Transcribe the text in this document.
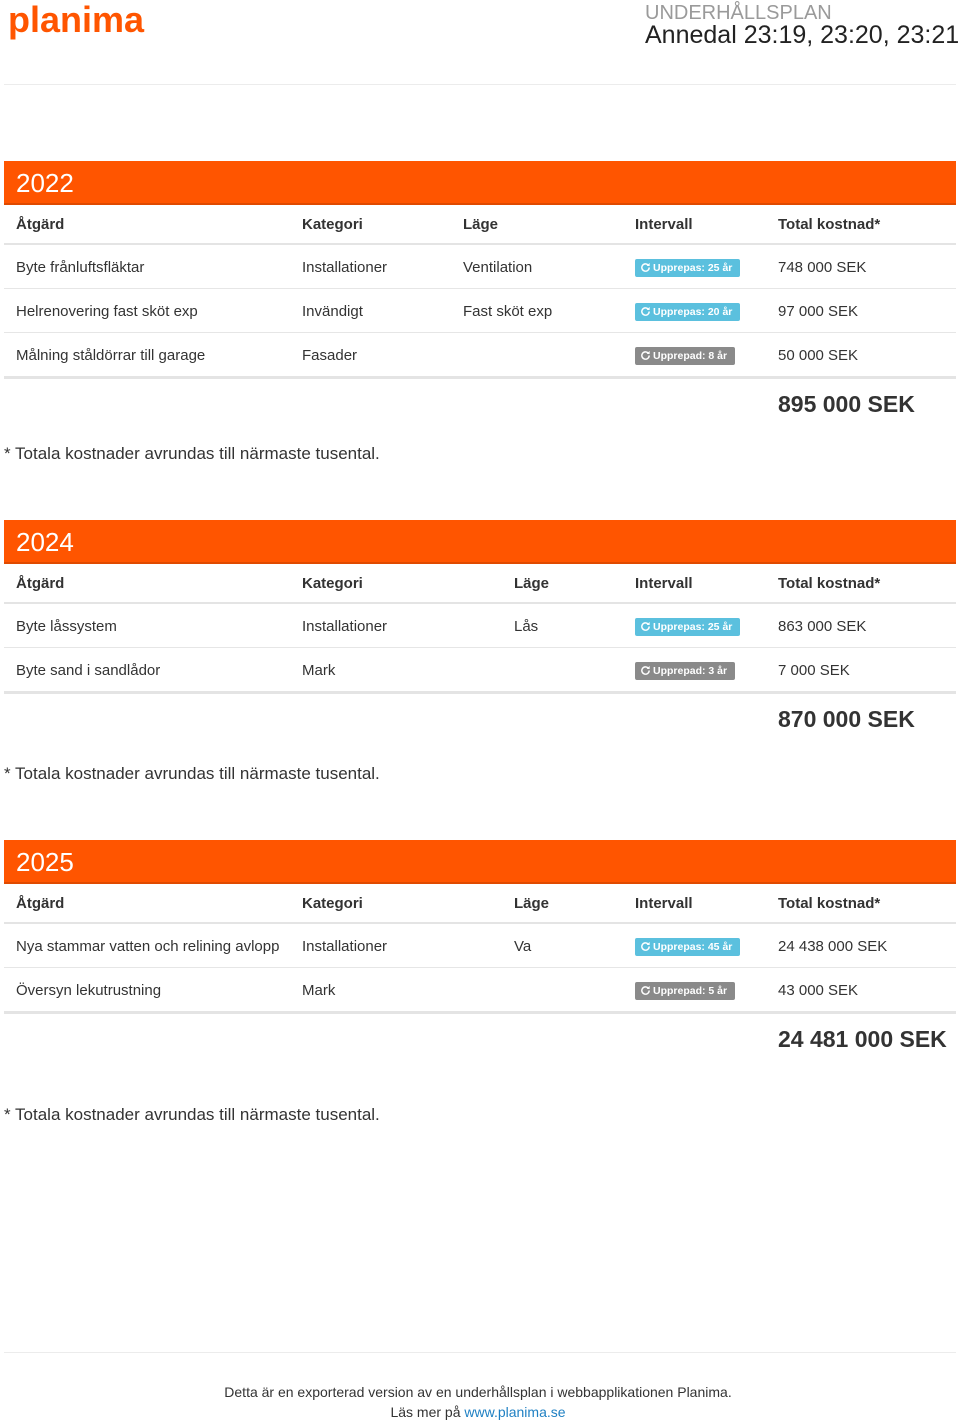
planima	UNDERHÅLLSPLAN
Annedal 23:19, 23:20, 23:21
2022
Åtgärd	Kategori	Läge	Intervall	Total kostnad*
Byte frånluftsfläktar	Installationer	Ventilation	Upprepas: 25 år	748 000 SEK
Helrenovering fast sköt exp	Invändigt	Fast sköt exp	Upprepas: 20 år	97 000 SEK
Målning ståldörrar till garage	Fasader		Upprepad: 8 år	50 000 SEK
895 000 SEK
* Totala kostnader avrundas till närmaste tusental.
2024
Åtgärd	Kategori	Läge	Intervall	Total kostnad*
Byte låssystem	Installationer	Lås	Upprepas: 25 år	863 000 SEK
Byte sand i sandlådor	Mark		Upprepad: 3 år	7 000 SEK
870 000 SEK
* Totala kostnader avrundas till närmaste tusental.
2025
Åtgärd	Kategori	Läge	Intervall	Total kostnad*
Nya stammar vatten och relining avlopp	Installationer	Va	Upprepas: 45 år	24 438 000 SEK
Översyn lekutrustning	Mark		Upprepad: 5 år	43 000 SEK
24 481 000 SEK
* Totala kostnader avrundas till närmaste tusental.
Detta är en exporterad version av en underhållsplan i webbapplikationen Planima.
Läs mer på www.planima.se
